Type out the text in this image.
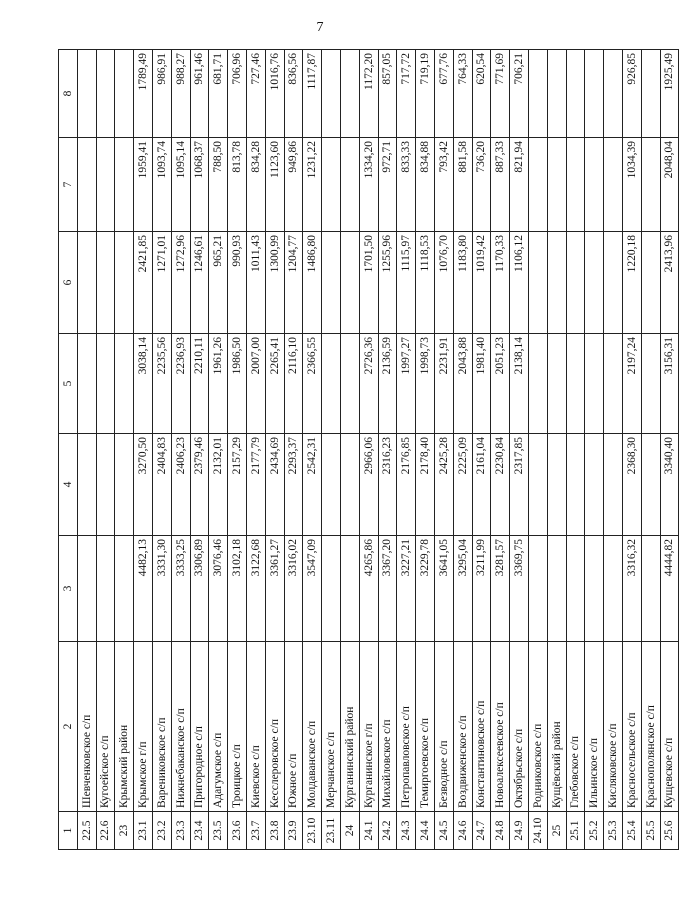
7
1	2	3	4	5	6	7	8
22.5	Шевченковское с/п						
22.6	Кугоейское с/п						
23	Крымский район						
23.1	Крымское г/п	4482,13	3270,50	3038,14	2421,85	1959,41	1789,49
23.2	Варениковское с/п	3331,30	2404,83	2235,56	1271,01	1093,74	986,91
23.3	Нижнебаканское с/п	3333,25	2406,23	2236,93	1272,96	1095,14	988,27
23.4	Пригородное с/п	3306,89	2379,46	2210,11	1246,61	1068,37	961,46
23.5	Адагумское с/п	3076,46	2132,01	1961,26	965,21	788,50	681,71
23.6	Троицкое с/п	3102,18	2157,29	1986,50	990,93	813,78	706,96
23.7	Киевское с/п	3122,68	2177,79	2007,00	1011,43	834,28	727,46
23.8	Кесслеровское с/п	3361,27	2434,69	2265,41	1300,99	1123,60	1016,76
23.9	Южное с/п	3316,02	2293,37	2116,10	1204,77	949,86	836,56
23.10	Молдаванское с/п	3547,09	2542,31	2366,55	1486,80	1231,22	1117,87
23.11	Мерчанское с/п						
24	Курганинский район						
24.1	Курганинское г/п	4265,86	2966,06	2726,36	1701,50	1334,20	1172,20
24.2	Михайловское с/п	3367,20	2316,23	2136,59	1255,96	972,71	857,05
24.3	Петропавловское с/п	3227,21	2176,85	1997,27	1115,97	833,33	717,72
24.4	Темиргоевское с/п	3229,78	2178,40	1998,73	1118,53	834,88	719,19
24.5	Безводное с/п	3641,05	2425,28	2231,91	1076,70	793,42	677,76
24.6	Воздвиженское с/п	3295,04	2225,09	2043,88	1183,80	881,58	764,33
24.7	Константиновское с/п	3211,99	2161,04	1981,40	1019,42	736,20	620,54
24.8	Новоалексеевское с/п	3281,57	2230,84	2051,23	1170,33	887,33	771,69
24.9	Октябрьское с/п	3369,75	2317,85	2138,14	1106,12	821,94	706,21
24.10	Родниковское с/п						
25	Кущёвский район						
25.1	Глебовское с/п						
25.2	Ильинское с/п						
25.3	Кисляковское с/п						
25.4	Красносельское с/п	3316,32	2368,30	2197,24	1220,18	1034,39	926,85
25.5	Краснополянское с/п						
25.6	Кущевское с/п	4444,82	3340,40	3156,31	2413,96	2048,04	1925,49
